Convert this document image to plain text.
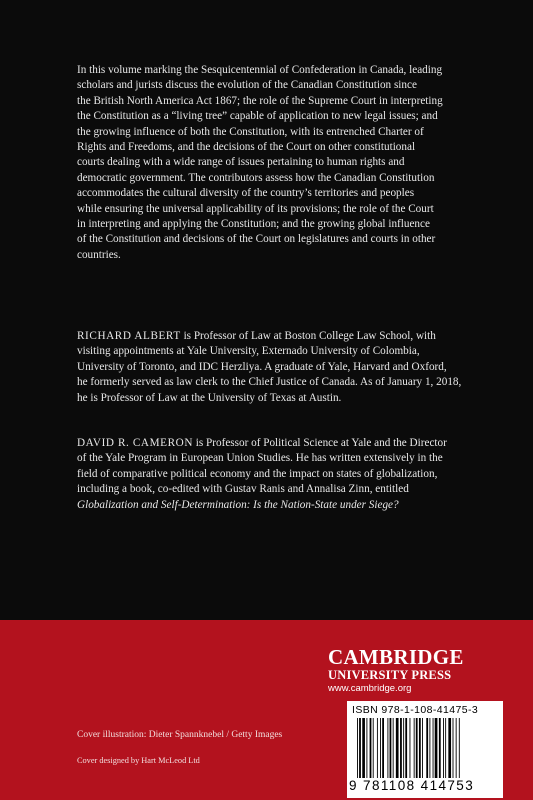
In this volume marking the Sesquicentennial of Confederation in Canada, leading

scholars and jurists discuss the evolution of the Canadian Constitution since

the British North America Act 1867; the role of the Supreme Court in interpreting

the Constitution as a “living tree” capable of application to new legal issues; and

the growing influence of both the Constitution, with its entrenched Charter of

Rights and Freedoms, and the decisions of the Court on other constitutional

courts dealing with a wide range of issues pertaining to human rights and

democratic government. The contributors assess how the Canadian Constitution

accommodates the cultural diversity of the country’s territories and peoples

while ensuring the universal applicability of its provisions; the role of the Court

in interpreting and applying the Constitution; and the growing global influence

of the Constitution and decisions of the Court on legislatures and courts in other

countries.

RICHARD ALBERT is Professor of Law at Boston College Law School, with

visiting appointments at Yale University, Externado University of Colombia,

University of Toronto, and IDC Herzliya. A graduate of Yale, Harvard and Oxford,

he formerly served as law clerk to the Chief Justice of Canada. As of January 1, 2018,

he is Professor of Law at the University of Texas at Austin.

DAVID R. CAMERON is Professor of Political Science at Yale and the Director

of the Yale Program in European Union Studies. He has written extensively in the

field of comparative political economy and the impact on states of globalization,

including a book, co-edited with Gustav Ranis and Annalisa Zinn, entitled

Globalization and Self-Determination: Is the Nation-State under Siege?

CAMBRIDGE
UNIVERSITY PRESS
www.cambridge.org
ISBN 978-1-108-41475-3
9 781108 414753
Cover illustration: Dieter Spannknebel / Getty Images
Cover designed by Hart McLeod Ltd
